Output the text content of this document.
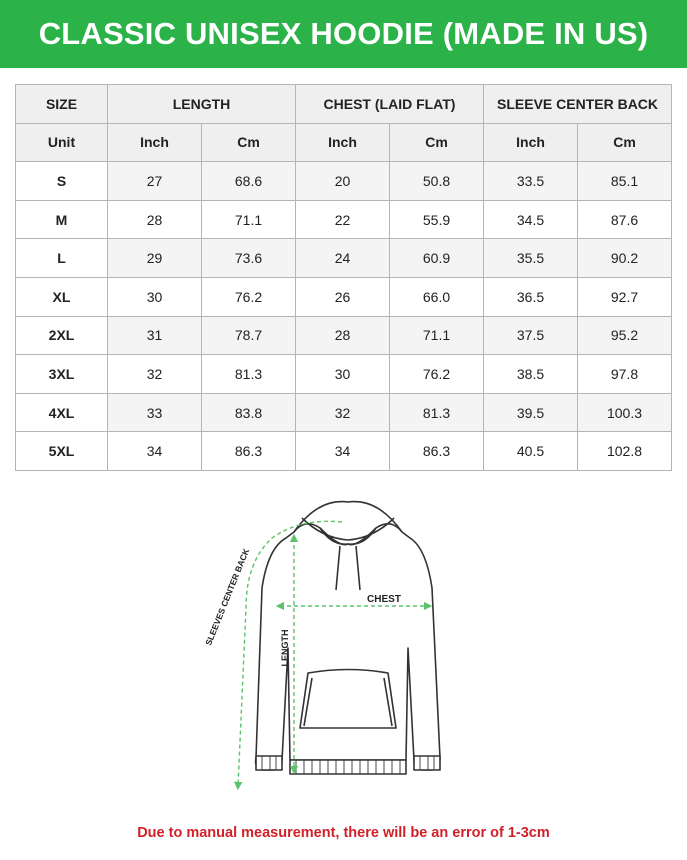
CLASSIC UNISEX HOODIE (MADE IN US)
SIZE	LENGTH		CHEST (LAID FLAT)		SLEEVE CENTER BACK	
Unit	Inch	Cm	Inch	Cm	Inch	Cm
S	27	68.6	20	50.8	33.5	85.1
M	28	71.1	22	55.9	34.5	87.6
L	29	73.6	24	60.9	35.5	90.2
XL	30	76.2	26	66.0	36.5	92.7
2XL	31	78.7	28	71.1	37.5	95.2
3XL	32	81.3	30	76.2	38.5	97.8
4XL	33	83.8	32	81.3	39.5	100.3
5XL	34	86.3	34	86.3	40.5	102.8
CHEST
LENGTH
SLEEVES CENTER BACK
Due to manual measurement, there will be an error of 1-3cm
